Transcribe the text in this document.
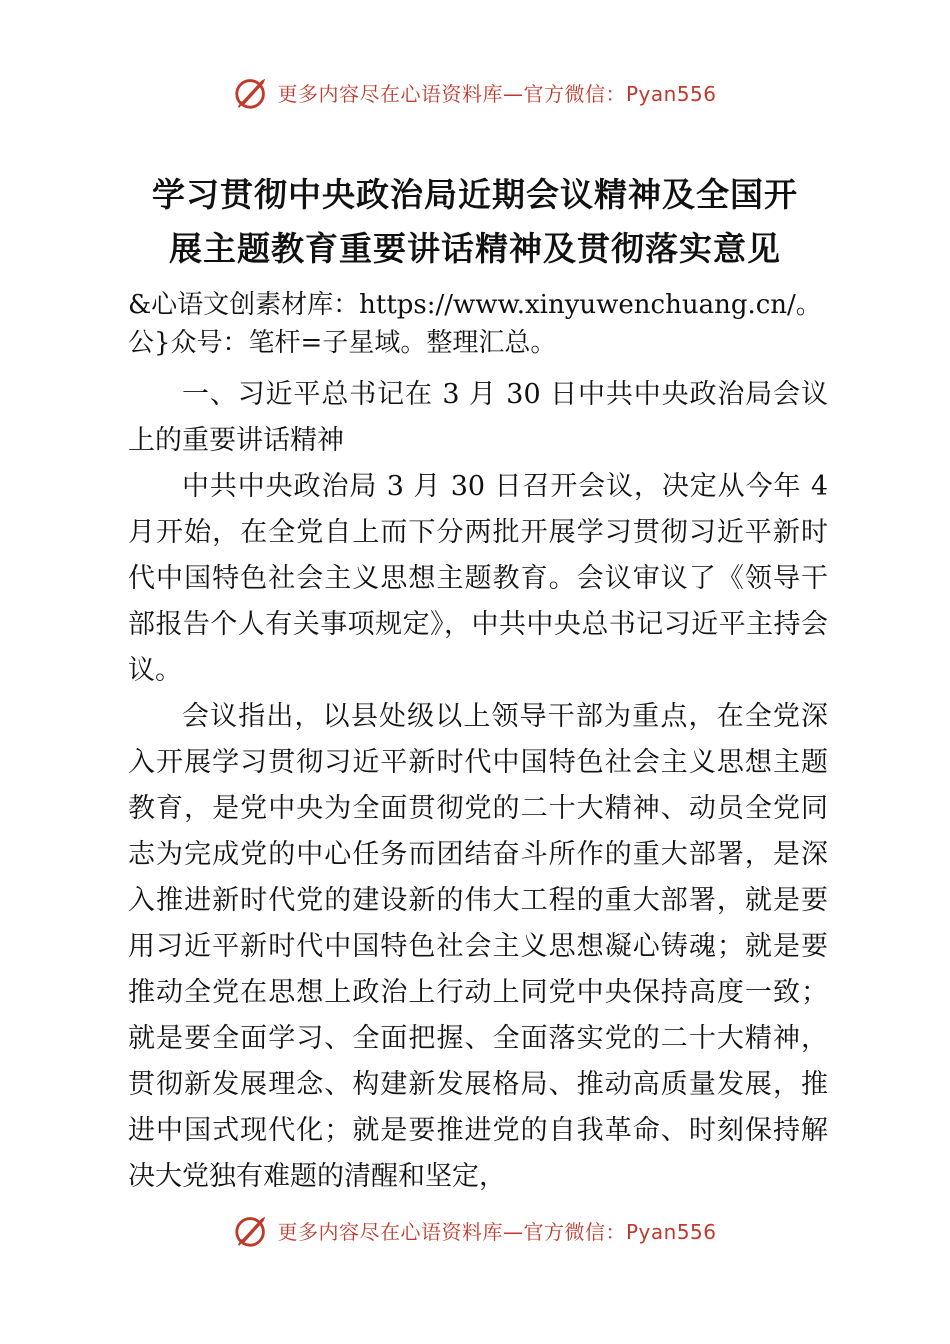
更多内容尽在心语资料库—官方微信：Pyan556
学习贯彻中央政治局近期会议精神及全国开
展主题教育重要讲话精神及贯彻落实意见

&心语文创素材库：https://www.xinyuwenchuang.cn/。
公}众号：笔杆=子星域。整理汇总。

一、习近平总书记在 3 月 30 日中共中央政治局会议上的重要讲话精神

中共中央政治局 3 月 30 日召开会议，决定从今年 4 月开始，在全党自上而下分两批开展学习贯彻习近平新时代中国特色社会主义思想主题教育。会议审议了《领导干部报告个人有关事项规定》，中共中央总书记习近平主持会议。

会议指出，以县处级以上领导干部为重点，在全党深入开展学习贯彻习近平新时代中国特色社会主义思想主题教育，是党中央为全面贯彻党的二十大精神、动员全党同志为完成党的中心任务而团结奋斗所作的重大部署，是深入推进新时代党的建设新的伟大工程的重大部署，就是要用习近平新时代中国特色社会主义思想凝心铸魂；就是要推动全党在思想上政治上行动上同党中央保持高度一致；就是要全面学习、全面把握、全面落实党的二十大精神，贯彻新发展理念、构建新发展格局、推动高质量发展，推进中国式现代化；就是要推进党的自我革命、时刻保持解决大党独有难题的清醒和坚定，

更多内容尽在心语资料库—官方微信：Pyan556
